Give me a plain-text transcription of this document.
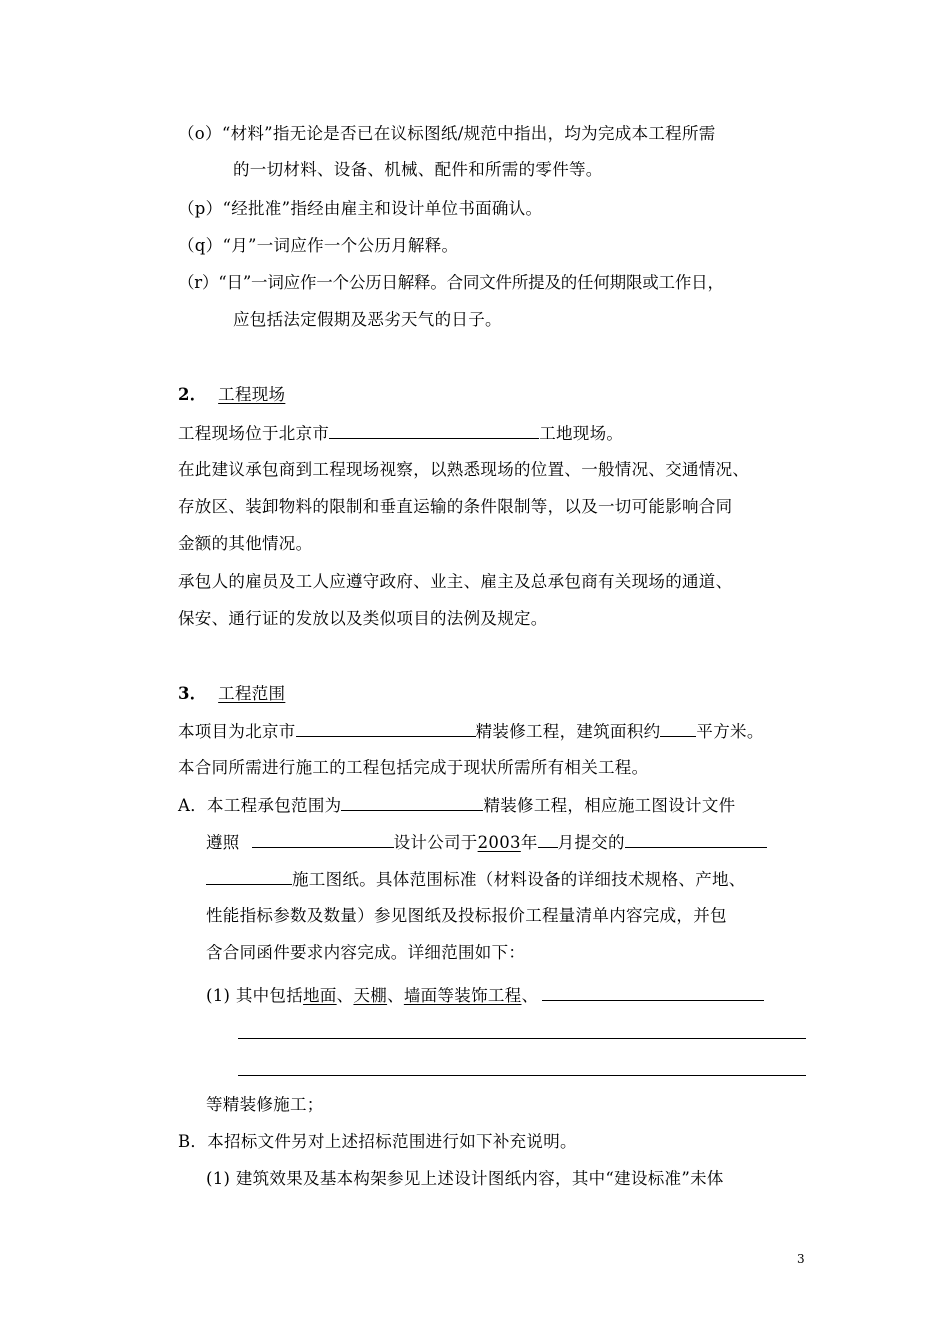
（o）“材料”指无论是否已在议标图纸/规范中指出，均为完成本工程所需
的一切材料、设备、机械、配件和所需的零件等。
（p）“经批准”指经由雇主和设计单位书面确认。
（q）“月”一词应作一个公历月解释。
（r）“日”一词应作一个公历日解释。合同文件所提及的任何期限或工作日，
应包括法定假期及恶劣天气的日子。
2． 工程现场
工程现场位于北京市	工地现场。
在此建议承包商到工程现场视察，以熟悉现场的位置、一般情况、交通情况、
存放区、装卸物料的限制和垂直运输的条件限制等，以及一切可能影响合同
金额的其他情况。
承包人的雇员及工人应遵守政府、业主、雇主及总承包商有关现场的通道、
保安、通行证的发放以及类似项目的法例及规定。
3． 工程范围
本项目为北京市	精装修工程，建筑面积约 平方米。
本合同所需进行施工的工程包括完成于现状所需所有相关工程。
A．本工程承包范围为	精装修工程，相应施工图设计文件
遵照	设计公司于2003年 月提交的
施工图纸。具体范围标准（材料设备的详细技术规格、产地、
性能指标参数及数量）参见图纸及投标报价工程量清单内容完成，并包
含合同函件要求内容完成。详细范围如下：
(1) 其中包括地面、天棚、墙面等装饰工程、
等精装修施工；
B．本招标文件另对上述招标范围进行如下补充说明。
(1) 建筑效果及基本构架参见上述设计图纸内容，其中“建设标准”未体
3
